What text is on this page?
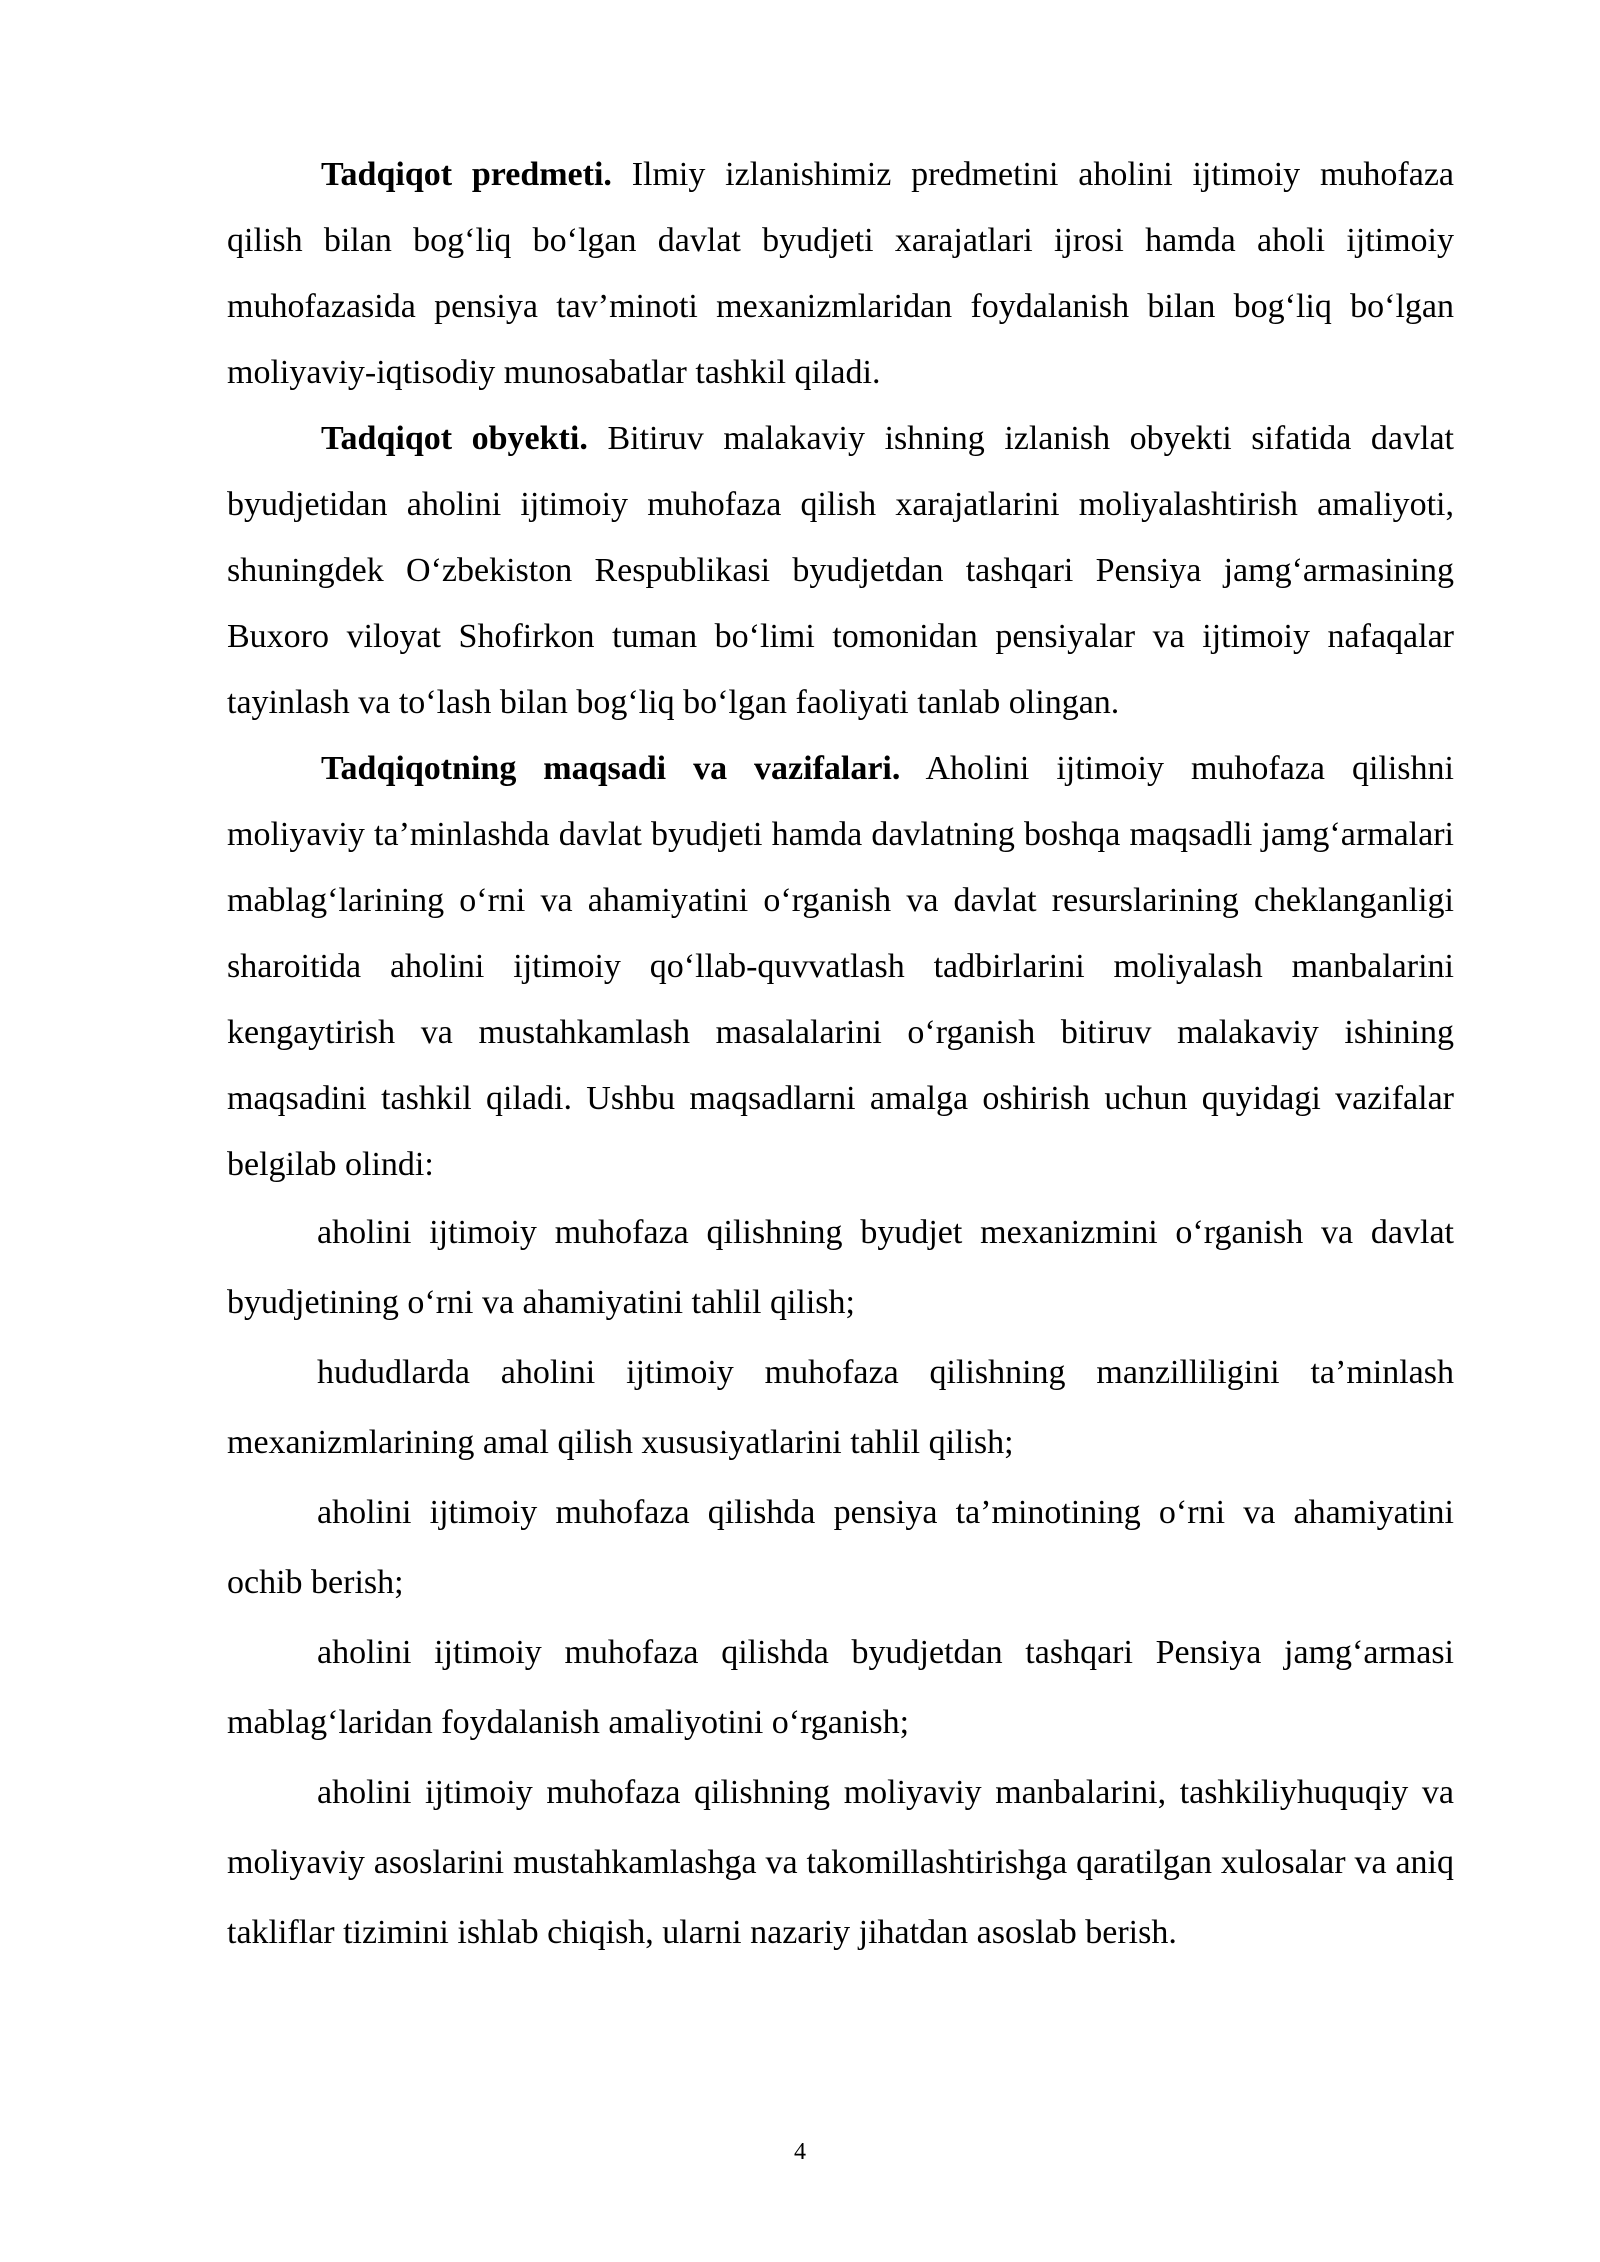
Tadqiqot predmeti. Ilmiy izlanishimiz predmetini aholini ijtimoiy muhofaza qilish bilan bog‘liq bo‘lgan davlat byudjeti xarajatlari ijrosi hamda aholi ijtimoiy muhofazasida pensiya tav’minoti mexanizmlaridan foydalanish bilan bog‘liq bo‘lgan moliyaviy-iqtisodiy munosabatlar tashkil qiladi.

Tadqiqot obyekti. Bitiruv malakaviy ishning izlanish obyekti sifatida davlat byudjetidan aholini ijtimoiy muhofaza qilish xarajatlarini moliyalashtirish amaliyoti, shuningdek O‘zbekiston Respublikasi byudjetdan tashqari Pensiya jamg‘armasining Buxoro viloyat Shofirkon tuman bo‘limi tomonidan pensiyalar va ijtimoiy nafaqalar tayinlash va to‘lash bilan bog‘liq bo‘lgan faoliyati tanlab olingan.

Tadqiqotning maqsadi va vazifalari. Aholini ijtimoiy muhofaza qilishni moliyaviy ta’minlashda davlat byudjeti hamda davlatning boshqa maqsadli jamg‘armalari mablag‘larining o‘rni va ahamiyatini o‘rganish va davlat resurslarining cheklanganligi sharoitida aholini ijtimoiy qo‘llab-quvvatlash tadbirlarini moliyalash manbalarini kengaytirish va mustahkamlash masalalarini o‘rganish bitiruv malakaviy ishining maqsadini tashkil qiladi. Ushbu maqsadlarni amalga oshirish uchun quyidagi vazifalar belgilab olindi:

aholini ijtimoiy muhofaza qilishning byudjet mexanizmini o‘rganish va davlat byudjetining o‘rni va ahamiyatini tahlil qilish;

hududlarda aholini ijtimoiy muhofaza qilishning manzilliligini ta’minlash mexanizmlarining amal qilish xususiyatlarini tahlil qilish;

aholini ijtimoiy muhofaza qilishda pensiya ta’minotining o‘rni va ahamiyatini ochib berish;

aholini ijtimoiy muhofaza qilishda byudjetdan tashqari Pensiya jamg‘armasi mablag‘laridan foydalanish amaliyotini o‘rganish;

aholini ijtimoiy muhofaza qilishning moliyaviy manbalarini, tashkiliyhuquqiy va moliyaviy asoslarini mustahkamlashga va takomillashtirishga qaratilgan xulosalar va aniq takliflar tizimini ishlab chiqish, ularni nazariy jihatdan asoslab berish.

4
